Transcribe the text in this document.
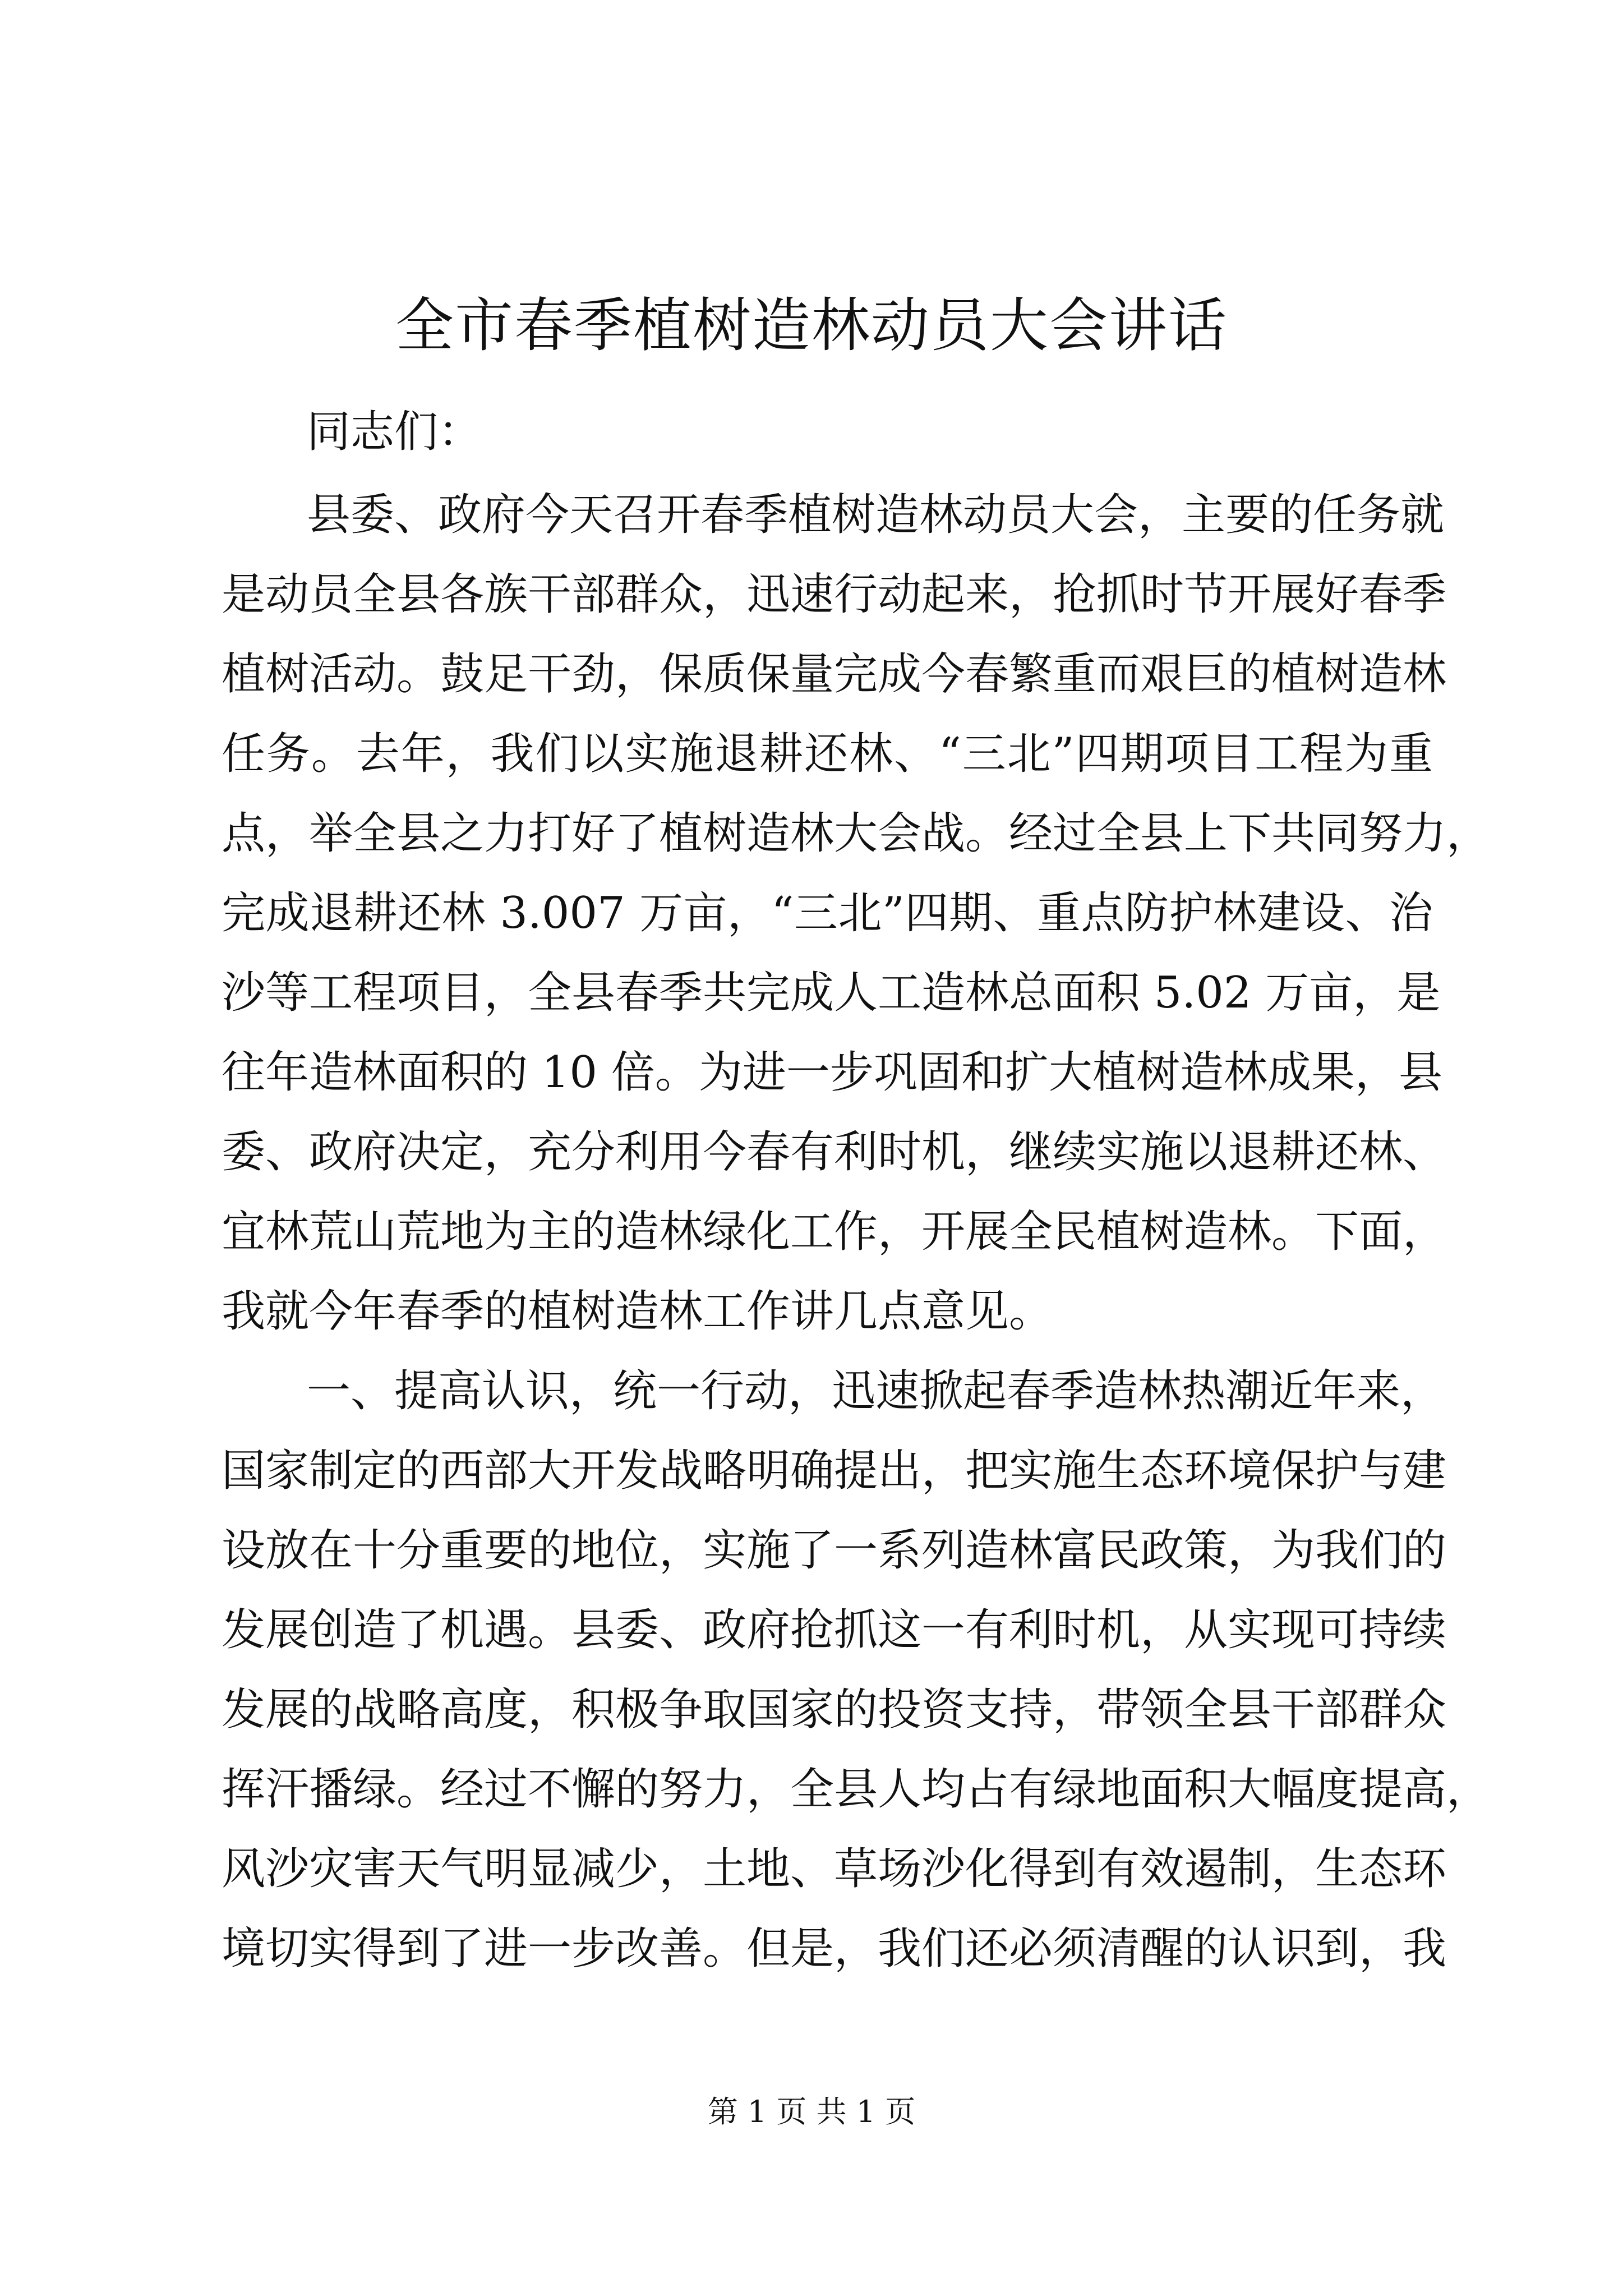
全市春季植树造林动员大会讲话
同志们：
县委、政府今天召开春季植树造林动员大会，主要的任务就
是动员全县各族干部群众，迅速行动起来，抢抓时节开展好春季
植树活动。鼓足干劲，保质保量完成今春繁重而艰巨的植树造林
任务。去年，我们以实施退耕还林、“三北”四期项目工程为重
点，举全县之力打好了植树造林大会战。经过全县上下共同努力，
完成退耕还林 3.007 万亩，“三北”四期、重点防护林建设、治
沙等工程项目，全县春季共完成人工造林总面积 5.02 万亩，是
往年造林面积的 10 倍。为进一步巩固和扩大植树造林成果，县
委、政府决定，充分利用今春有利时机，继续实施以退耕还林、
宜林荒山荒地为主的造林绿化工作，开展全民植树造林。下面，
我就今年春季的植树造林工作讲几点意见。
一、提高认识，统一行动，迅速掀起春季造林热潮近年来，
国家制定的西部大开发战略明确提出，把实施生态环境保护与建
设放在十分重要的地位，实施了一系列造林富民政策，为我们的
发展创造了机遇。县委、政府抢抓这一有利时机，从实现可持续
发展的战略高度，积极争取国家的投资支持，带领全县干部群众
挥汗播绿。经过不懈的努力，全县人均占有绿地面积大幅度提高，
风沙灾害天气明显减少，土地、草场沙化得到有效遏制，生态环
境切实得到了进一步改善。但是，我们还必须清醒的认识到，我
第 1 页 共 1 页
